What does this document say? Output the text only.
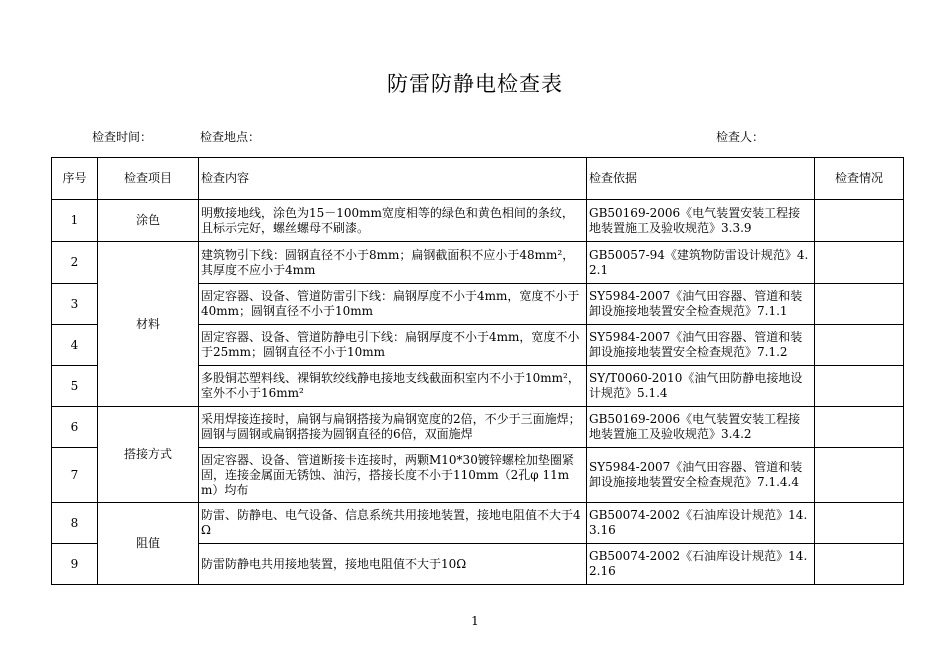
防雷防静电检查表
检查时间：	检查地点：	检查人：
序号	检查项目	检查内容	检查依据	检查情况
1	涂色	明敷接地线，涂色为15－100mm宽度相等的绿色和黄色相间的条纹，且标示完好，螺丝螺母不刷漆。	GB50169-2006《电气装置安装工程接地装置施工及验收规范》3.3.9	
2	材料	建筑物引下线：圆钢直径不小于8mm；扁钢截面积不应小于48mm²，其厚度不应小于4mm	GB50057-94《建筑物防雷设计规范》4.2.1	
3		固定容器、设备、管道防雷引下线：扁钢厚度不小于4mm，宽度不小于40mm；圆钢直径不小于10mm	SY5984-2007《油气田容器、管道和装卸设施接地装置安全检查规范》7.1.1	
4		固定容器、设备、管道防静电引下线：扁钢厚度不小于4mm，宽度不小于25mm；圆钢直径不小于10mm	SY5984-2007《油气田容器、管道和装卸设施接地装置安全检查规范》7.1.2	
5		多股铜芯塑料线、裸铜软绞线静电接地支线截面积室内不小于10mm²，室外不小于16mm²	SY/T0060-2010《油气田防静电接地设计规范》5.1.4	
6	搭接方式	采用焊接连接时，扁钢与扁钢搭接为扁钢宽度的2倍，不少于三面施焊；圆钢与圆钢或扁钢搭接为圆钢直径的6倍，双面施焊	GB50169-2006《电气装置安装工程接地装置施工及验收规范》3.4.2	
7		固定容器、设备、管道断接卡连接时，两颗M10*30镀锌螺栓加垫圈紧固，连接金属面无锈蚀、油污，搭接长度不小于110mm（2孔φ 11mm）均布	SY5984-2007《油气田容器、管道和装卸设施接地装置安全检查规范》7.1.4.4	
8	阻值	防雷、防静电、电气设备、信息系统共用接地装置，接地电阻值不大于4Ω	GB50074-2002《石油库设计规范》14.3.16	
9		防雷防静电共用接地装置，接地电阻值不大于10Ω	GB50074-2002《石油库设计规范》14.2.16	
1
